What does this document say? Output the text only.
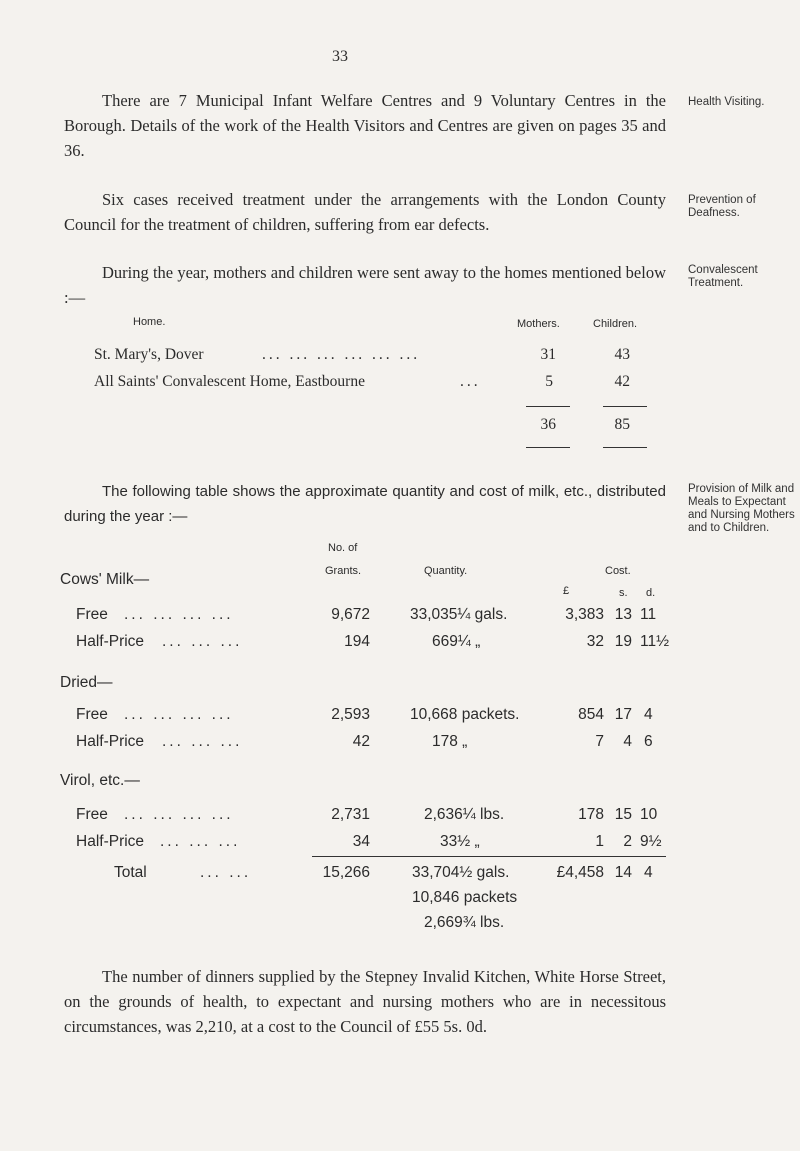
33
There are 7 Municipal Infant Welfare Centres and 9 Voluntary Centres in the Borough. Details of the work of the Health Visitors and Centres are given on pages 35 and 36.
Health Visiting.
Six cases received treatment under the arrangements with the London County Council for the treatment of children, suffering from ear defects.
Prevention of Deafness.
During the year, mothers and children were sent away to the homes mentioned below :—
Convalescent Treatment.
Home.	Mothers.	Children.
St. Mary's, Dover	... ... ... ... ... ...	31	43
All Saints' Convalescent Home, Eastbourne	...	5	42
36	85
The following table shows the approximate quantity and cost of milk, etc., distributed during the year :—
Provision of Milk and Meals to Expectant and Nursing Mothers and to Children.
No. of
Grants.	Quantity.	Cost.
£	s. d.
Cows' Milk—
Free ... ... ... ...	9,672	33,035¼ gals.	3,383 13 11
Half-Price ... ... ...	194	669¼ „	32 19 11½
Dried—
Free ... ... ... ...	2,593	10,668 packets.	854 17 4
Half-Price ... ... ...	42	178 „	7	4 6
Virol, etc.—
Free ... ... ... ...	2,731	2,636¼ lbs.	178 15 10
Half-Price ... ... ...	34	33½ „	1	2 9½
Total	... ...	15,266	33,704½ gals.	£4,458 14 4
10,846 packets
2,669¾ lbs.
The number of dinners supplied by the Stepney Invalid Kitchen, White Horse Street, on the grounds of health, to expectant and nursing mothers who are in necessitous circumstances, was 2,210, at a cost to the Council of £55 5s. 0d.
